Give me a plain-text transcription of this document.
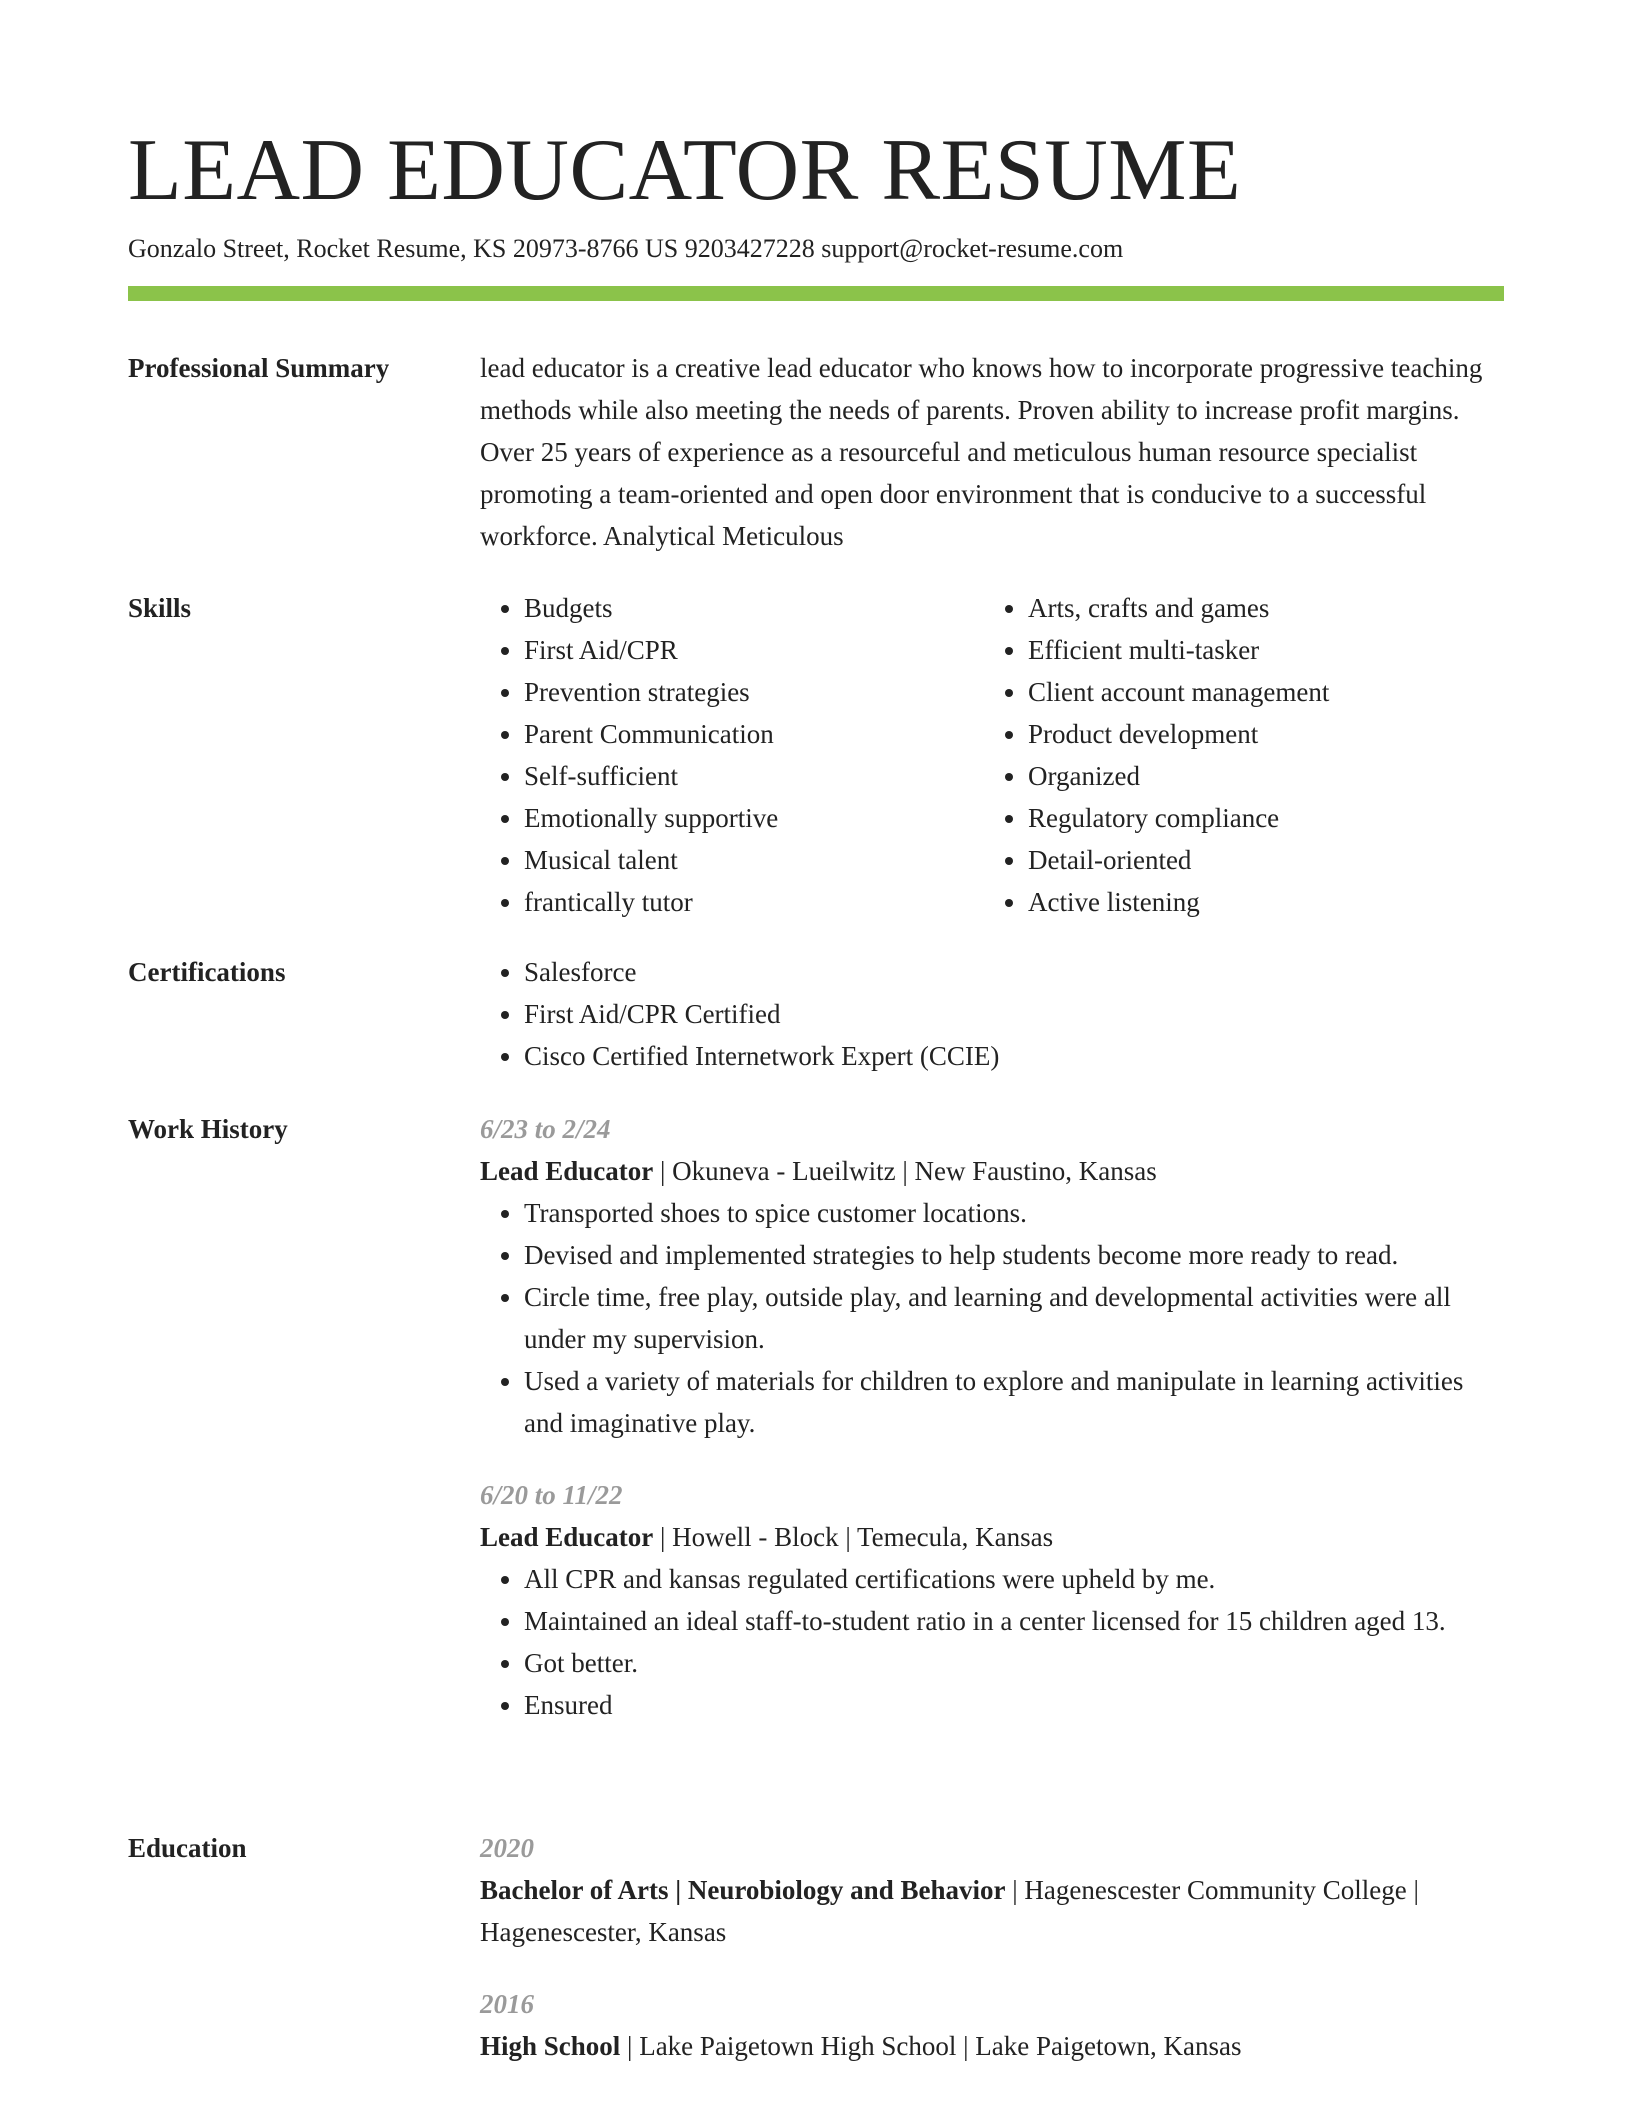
LEAD EDUCATOR RESUME
Gonzalo Street, Rocket Resume, KS 20973-8766 US 9203427228 support@rocket-resume.com
Professional Summary	lead educator is a creative lead educator who knows how to incorporate progressive teaching methods while also meeting the needs of parents. Proven ability to increase profit margins. Over 25 years of experience as a resourceful and meticulous human resource specialist promoting a team-oriented and open door environment that is conducive to a successful workforce. Analytical Meticulous
Skills	• Budgets
• First Aid/CPR
• Prevention strategies
• Parent Communication
• Self-sufficient
• Emotionally supportive
• Musical talent
• frantically tutor
• Arts, crafts and games
• Efficient multi-tasker
• Client account management
• Product development
• Organized
• Regulatory compliance
• Detail-oriented
• Active listening
Certifications	• Salesforce
• First Aid/CPR Certified
• Cisco Certified Internetwork Expert (CCIE)
Work History	6/23 to 2/24
Lead Educator | Okuneva - Lueilwitz | New Faustino, Kansas
• Transported shoes to spice customer locations.
• Devised and implemented strategies to help students become more ready to read.
• Circle time, free play, outside play, and learning and developmental activities were all under my supervision.
• Used a variety of materials for children to explore and manipulate in learning activities and imaginative play.
6/20 to 11/22
Lead Educator | Howell - Block | Temecula, Kansas
• All CPR and kansas regulated certifications were upheld by me.
• Maintained an ideal staff-to-student ratio in a center licensed for 15 children aged 13.
• Got better.
• Ensured
Education	2020
Bachelor of Arts | Neurobiology and Behavior | Hagenescester Community College | Hagenescester, Kansas
2016
High School | Lake Paigetown High School | Lake Paigetown, Kansas
